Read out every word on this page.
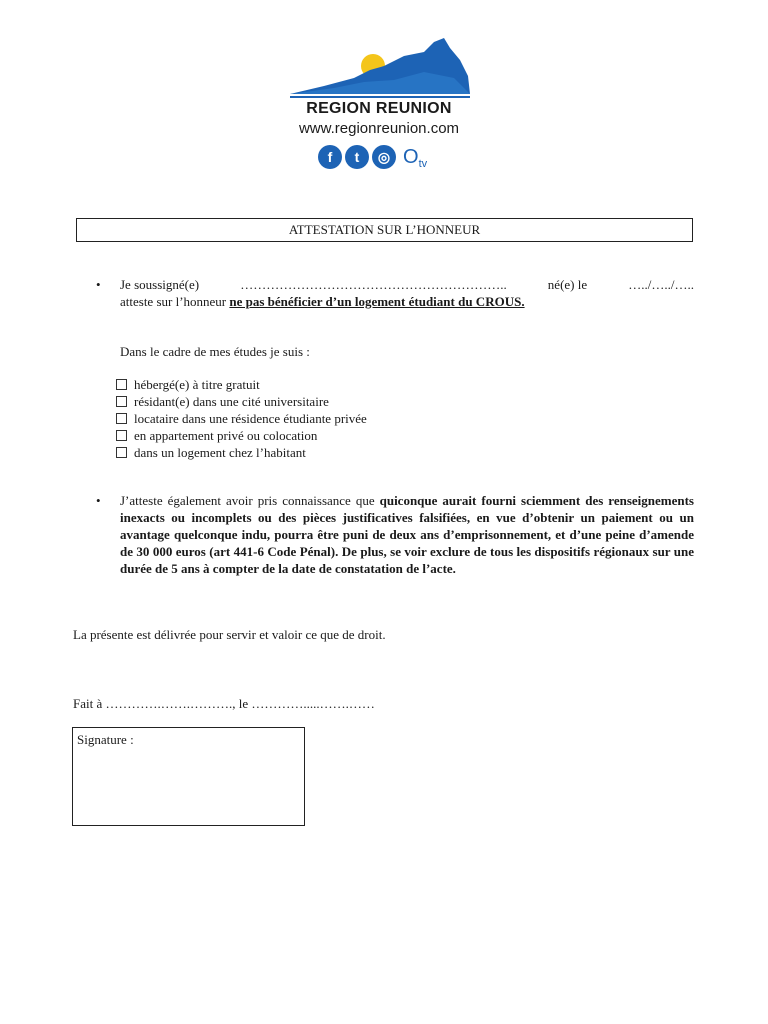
REGION REUNION
www.regionreunion.com
f	t	◎ $O_{tv}$
ATTESTATION SUR L’HONNEUR
• Je soussigné(e)	……………………………………………………..	né(e) le	…../…../…..
atteste sur l’honneur ne pas bénéficier d’un logement étudiant du CROUS.
Dans le cadre de mes études je suis :
hébergé(e) à titre gratuit
résidant(e) dans une cité universitaire
locataire dans une résidence étudiante privée
en appartement privé ou colocation
dans un logement chez l’habitant
• J’atteste également avoir pris connaissance que quiconque aurait fourni sciemment des renseignements inexacts ou incomplets ou des pièces justificatives falsifiées, en vue d’obtenir un paiement ou un avantage quelconque indu, pourra être puni de deux ans d’emprisonnement, et d’une peine d’amende de 30 000 euros (art 441-6 Code Pénal). De plus, se voir exclure de tous les dispositifs régionaux sur une durée de 5 ans à compter de la date de constatation de l’acte.
La présente est délivrée pour servir et valoir ce que de droit.
Fait à ………….…….………., le ………….....…….……
Signature :
